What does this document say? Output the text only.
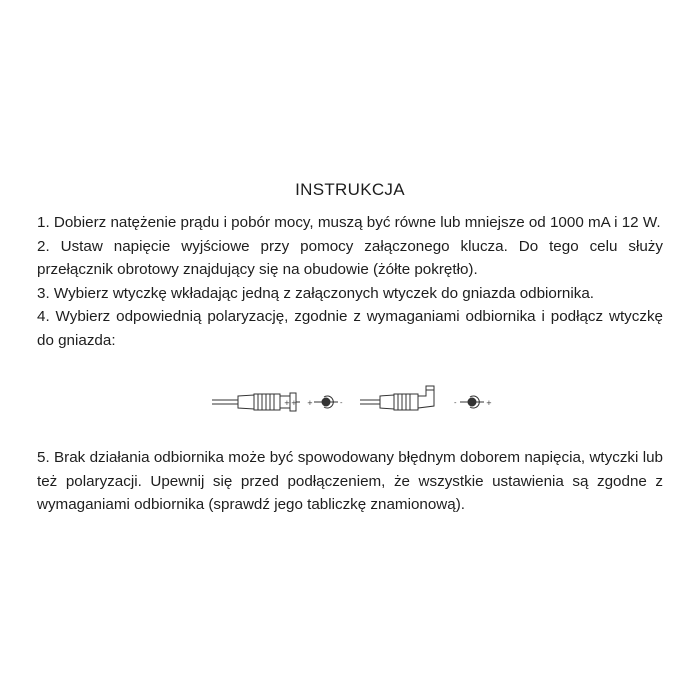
INSTRUKCJA

1. Dobierz natężenie prądu i pobór mocy, muszą być równe lub mniejsze od 1000 mA i 12 W.

2. Ustaw napięcie wyjściowe przy pomocy załączonego klucza. Do tego celu służy przełącznik obrotowy znajdujący się na obudowie (żółte pokrętło).

3. Wybierz wtyczkę wkładając jedną z załączonych wtyczek do gniazda odbiornika.

4. Wybierz odpowiednią polaryzację, zgodnie z wymaganiami odbiornika i podłącz wtyczkę do gniazda:

+ + +	-	-	+

5. Brak działania odbiornika może być spowodowany błędnym doborem napięcia, wtyczki lub też polaryzacji. Upewnij się przed podłączeniem, że wszystkie ustawienia są zgodne z wymaganiami odbiornika (sprawdź jego tabliczkę znamionową).
